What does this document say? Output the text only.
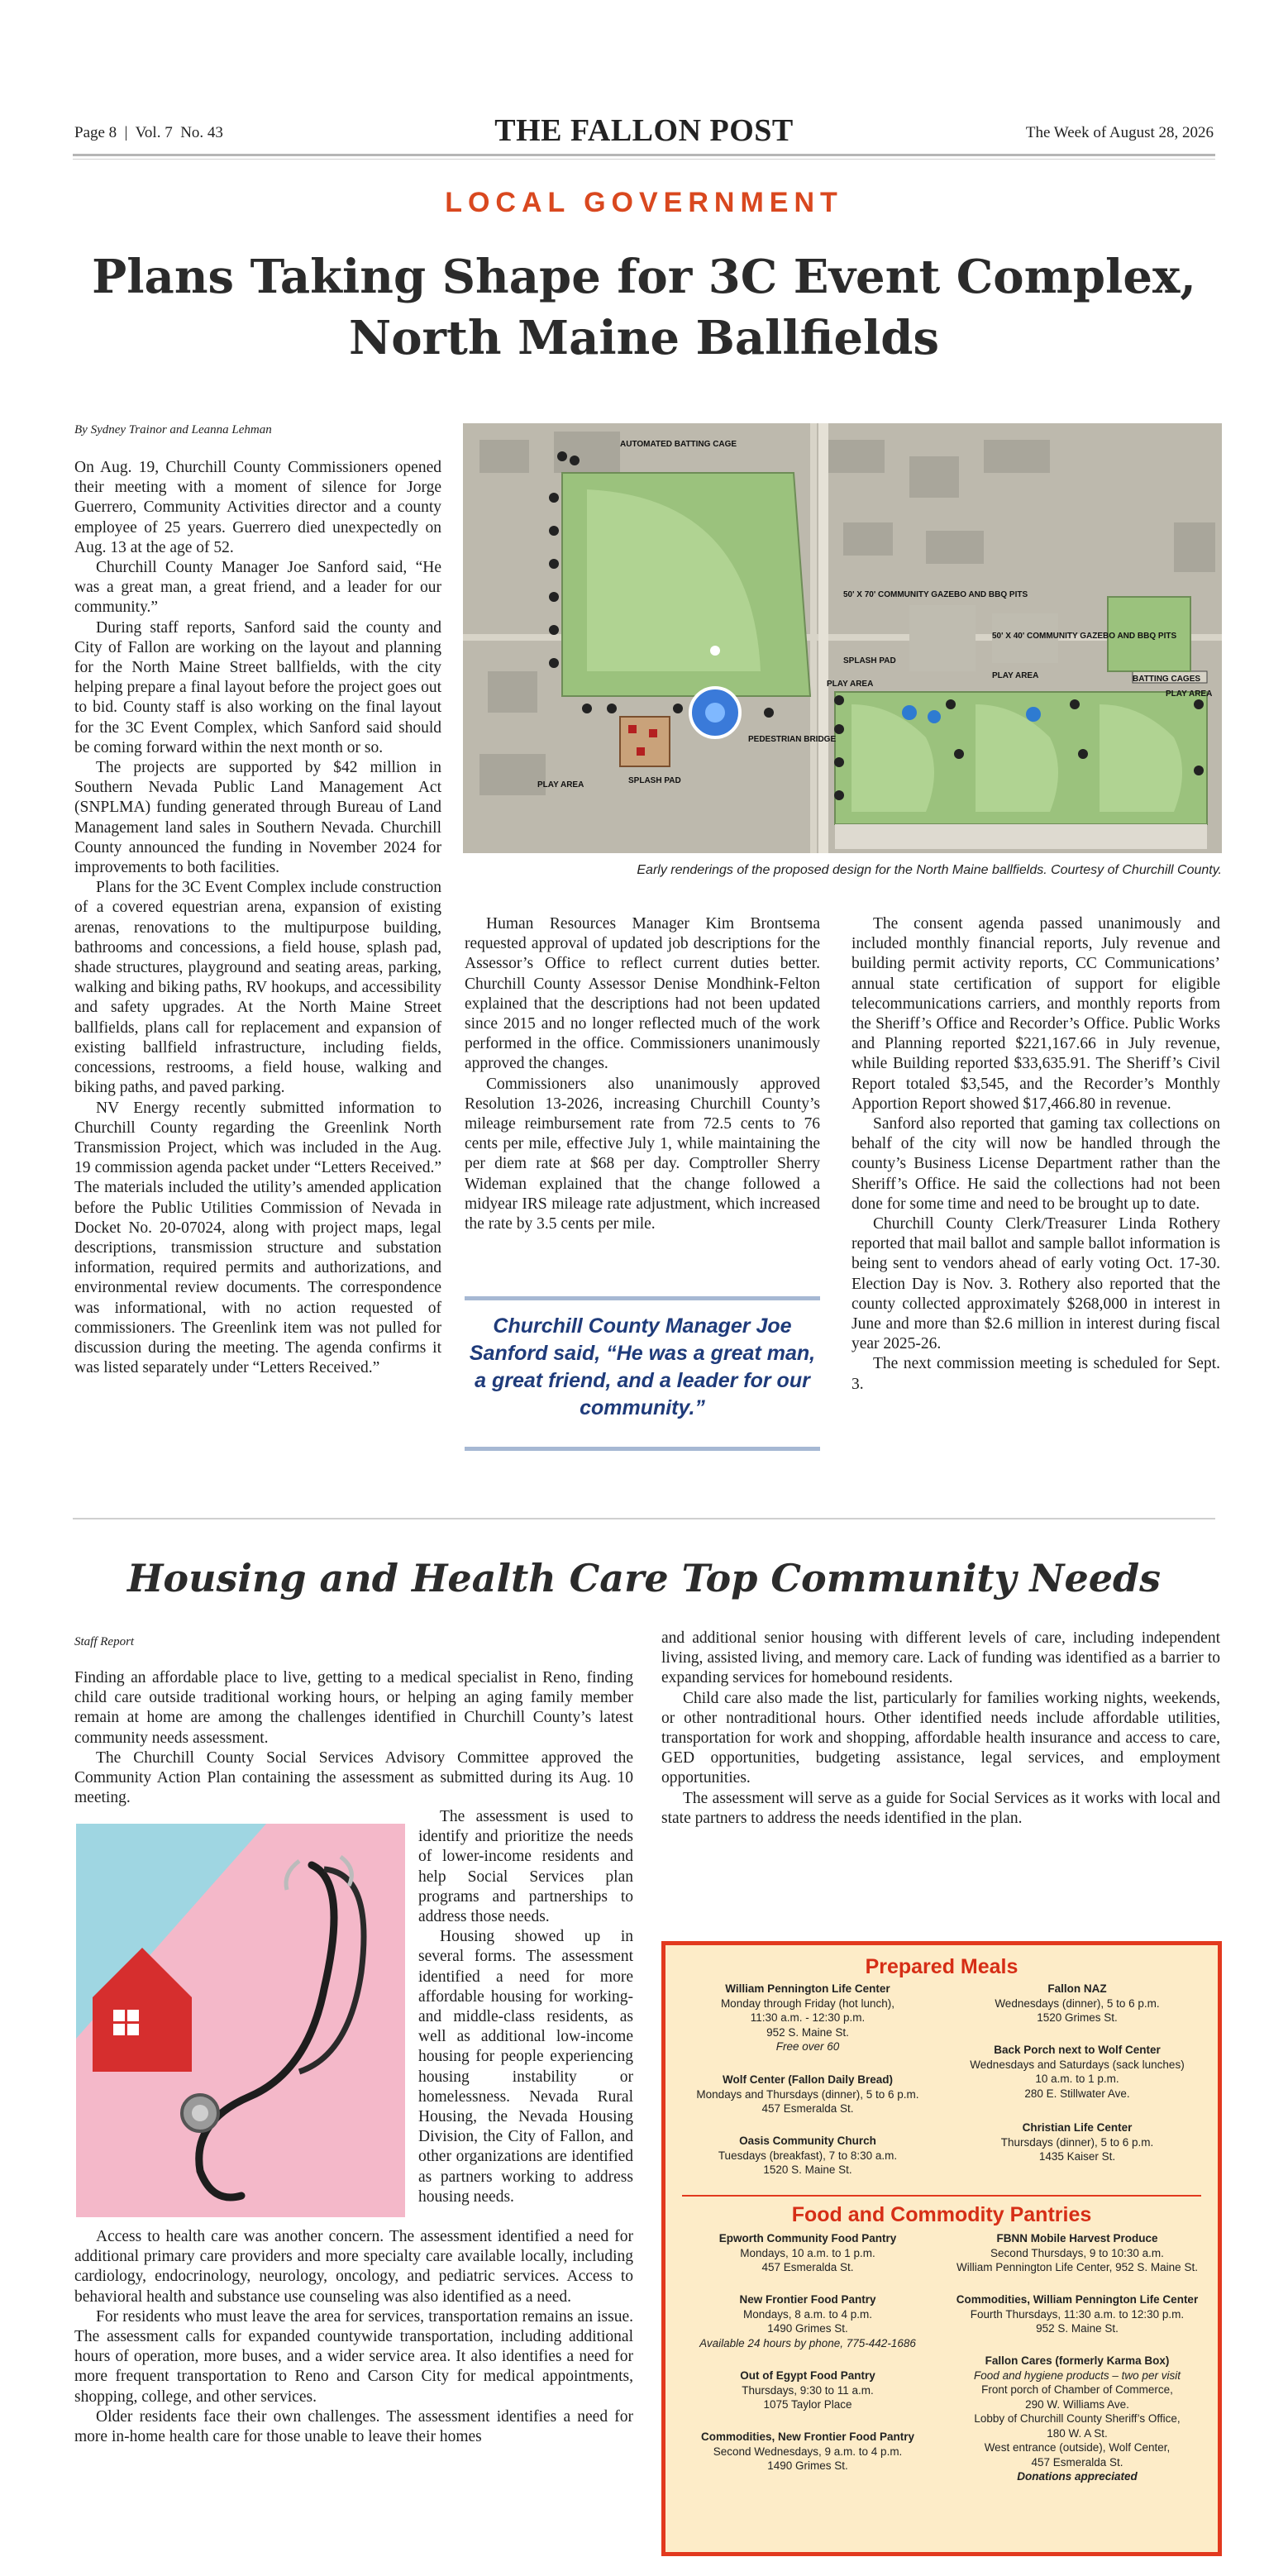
Page 8  |  Vol. 7  No. 43	THE FALLON POST	The Week of August 28, 2026
LOCAL GOVERNMENT
Plans Taking Shape for 3C Event Complex,
North Maine Ballfields
By Sydney Trainor and Leanna Lehman

On Aug. 19, Churchill County Commissioners opened their meeting with a moment of silence for Jorge Guerrero, Community Activities director and a county employee of 25 years. Guerrero died unexpectedly on Aug. 13 at the age of 52.

Churchill County Manager Joe Sanford said, “He was a great man, a great friend, and a leader for our community.”

During staff reports, Sanford said the county and City of Fallon are working on the layout and planning for the North Maine Street ballfields, with the city helping prepare a final layout before the project goes out to bid. County staff is also working on the final layout for the 3C Event Complex, which Sanford said should be coming forward within the next month or so.

The projects are supported by $42 million in Southern Nevada Public Land Management Act (SNPLMA) funding generated through Bureau of Land Management land sales in Southern Nevada. Churchill County announced the funding in November 2024 for improvements to both facilities.

Plans for the 3C Event Complex include construction of a covered equestrian arena, expansion of existing arenas, renovations to the multipurpose building, bathrooms and concessions, a field house, splash pad, shade structures, playground and seating areas, parking, walking and biking paths, RV hookups, and accessibility and safety upgrades. At the North Maine Street ballfields, plans call for replacement and expansion of existing ballfield infrastructure, including fields, concessions, restrooms, a field house, walking and biking paths, and paved parking.

NV Energy recently submitted information to Churchill County regarding the Greenlink North Transmission Project, which was included in the Aug. 19 commission agenda packet under “Letters Received.” The materials included the utility’s amended application before the Public Utilities Commission of Nevada in Docket No. 20-07024, along with project maps, legal descriptions, transmission structure and substation information, required permits and authorizations, and environmental review documents. The correspondence was informational, with no action requested of commissioners. The Greenlink item was not pulled for discussion during the meeting. The agenda confirms it was listed separately under “Letters Received.”

AUTOMATED BATTING CAGE
50' X 70' COMMUNITY GAZEBO AND BBQ PITS
50' X 40' COMMUNITY GAZEBO AND BBQ PITS
SPLASH PAD
PLAY AREA
PLAY AREA	BATTING CAGES
PLAY AREA
PEDESTRIAN BRIDGE
SPLASH PAD
PLAY AREA
Early renderings of the proposed design for the North Maine ballfields. Courtesy of Churchill County.

Human Resources Manager Kim Brontsema requested approval of updated job descriptions for the Assessor’s Office to reflect current duties better. Churchill County Assessor Denise Mondhink-Felton explained that the descriptions had not been updated since 2015 and no longer reflected much of the work performed in the office. Commissioners unanimously approved the changes.

Commissioners also unanimously approved Resolution 13-2026, increasing Churchill County’s mileage reimbursement rate from 72.5 cents to 76 cents per mile, effective July 1, while maintaining the per diem rate at $68 per day. Comptroller Sherry Wideman explained that the change followed a midyear IRS mileage rate adjustment, which increased the rate by 3.5 cents per mile.

Churchill County Manager Joe Sanford said, “He was a great man, a great friend, and a leader for our community.”

The consent agenda passed unanimously and included monthly financial reports, July revenue and building permit activity reports, CC Communications’ annual state certification of support for eligible telecommunications carriers, and monthly reports from the Sheriff’s Office and Recorder’s Office. Public Works and Planning reported $221,167.66 in July revenue, while Building reported $33,635.91. The Sheriff’s Civil Report totaled $3,545, and the Recorder’s Monthly Apportion Report showed $17,466.80 in revenue.

Sanford also reported that gaming tax collections on behalf of the city will now be handled through the county’s Business License Department rather than the Sheriff’s Office. He said the collections had not been done for some time and need to be brought up to date.

Churchill County Clerk/Treasurer Linda Rothery reported that mail ballot and sample ballot information is being sent to vendors ahead of early voting Oct. 17-30. Election Day is Nov. 3. Rothery also reported that the county collected approximately $268,000 in interest in June and more than $2.6 million in interest during fiscal year 2025-26.

The next commission meeting is scheduled for Sept. 3.

Housing and Health Care Top Community Needs
Staff Report

Finding an affordable place to live, getting to a medical specialist in Reno, finding child care outside traditional working hours, or helping an aging family member remain at home are among the challenges identified in Churchill County’s latest community needs assessment.

The Churchill County Social Services Advisory Committee approved the Community Action Plan containing the assessment as submitted during its Aug. 10 meeting.

The assessment is used to identify and prioritize the needs of lower-income residents and help Social Services plan programs and partnerships to address those needs.

Housing showed up in several forms. The assessment identified a need for more affordable housing for working- and middle-class residents, as well as additional low-income housing for people experiencing housing instability or homelessness. Nevada Rural Housing, the Nevada Housing Division, the City of Fallon, and other organizations are identified as partners working to address housing needs.

Access to health care was another concern. The assessment identified a need for additional primary care providers and more specialty care available locally, including cardiology, endocrinology, neurology, oncology, and pediatric services. Access to behavioral health and substance use counseling was also identified as a need.

For residents who must leave the area for services, transportation remains an issue. The assessment calls for expanded countywide transportation, including additional hours of operation, more buses, and a wider service area. It also identifies a need for more frequent transportation to Reno and Carson City for medical appointments, shopping, college, and other services.

Older residents face their own challenges. The assessment identifies a need for more in-home health care for those unable to leave their homes

and additional senior housing with different levels of care, including independent living, assisted living, and memory care. Lack of funding was identified as a barrier to expanding services for homebound residents.

Child care also made the list, particularly for families working nights, weekends, or other nontraditional hours. Other identified needs include affordable utilities, transportation for work and shopping, affordable health insurance and access to care, GED opportunities, budgeting assistance, legal services, and employment opportunities.

The assessment will serve as a guide for Social Services as it works with local and state partners to address the needs identified in the plan.

Prepared Meals
William Pennington Life Center
Monday through Friday (hot lunch),
11:30 a.m. - 12:30 p.m.
952 S. Maine St.
Free over 60
Wolf Center (Fallon Daily Bread)
Mondays and Thursdays (dinner), 5 to 6 p.m.
457 Esmeralda St.
Oasis Community Church
Tuesdays (breakfast), 7 to 8:30 a.m.
1520 S. Maine St.
Fallon NAZ
Wednesdays (dinner), 5 to 6 p.m.
1520 Grimes St.
Back Porch next to Wolf Center
Wednesdays and Saturdays (sack lunches)
10 a.m. to 1 p.m.
280 E. Stillwater Ave.
Christian Life Center
Thursdays (dinner), 5 to 6 p.m.
1435 Kaiser St.
Food and Commodity Pantries
Epworth Community Food Pantry
Mondays, 10 a.m. to 1 p.m.
457 Esmeralda St.
New Frontier Food Pantry
Mondays, 8 a.m. to 4 p.m.
1490 Grimes St.
Available 24 hours by phone, 775-442-1686
Out of Egypt Food Pantry
Thursdays, 9:30 to 11 a.m.
1075 Taylor Place
Commodities, New Frontier Food Pantry
Second Wednesdays, 9 a.m. to 4 p.m.
1490 Grimes St.
FBNN Mobile Harvest Produce
Second Thursdays, 9 to 10:30 a.m.
William Pennington Life Center, 952 S. Maine St.
Commodities, William Pennington Life Center
Fourth Thursdays, 11:30 a.m. to 12:30 p.m.
952 S. Maine St.
Fallon Cares (formerly Karma Box)
Food and hygiene products – two per visit
Front porch of Chamber of Commerce,
290 W. Williams Ave.
Lobby of Churchill County Sheriff’s Office,
180 W. A St.
West entrance (outside), Wolf Center,
457 Esmeralda St.
Donations appreciated
